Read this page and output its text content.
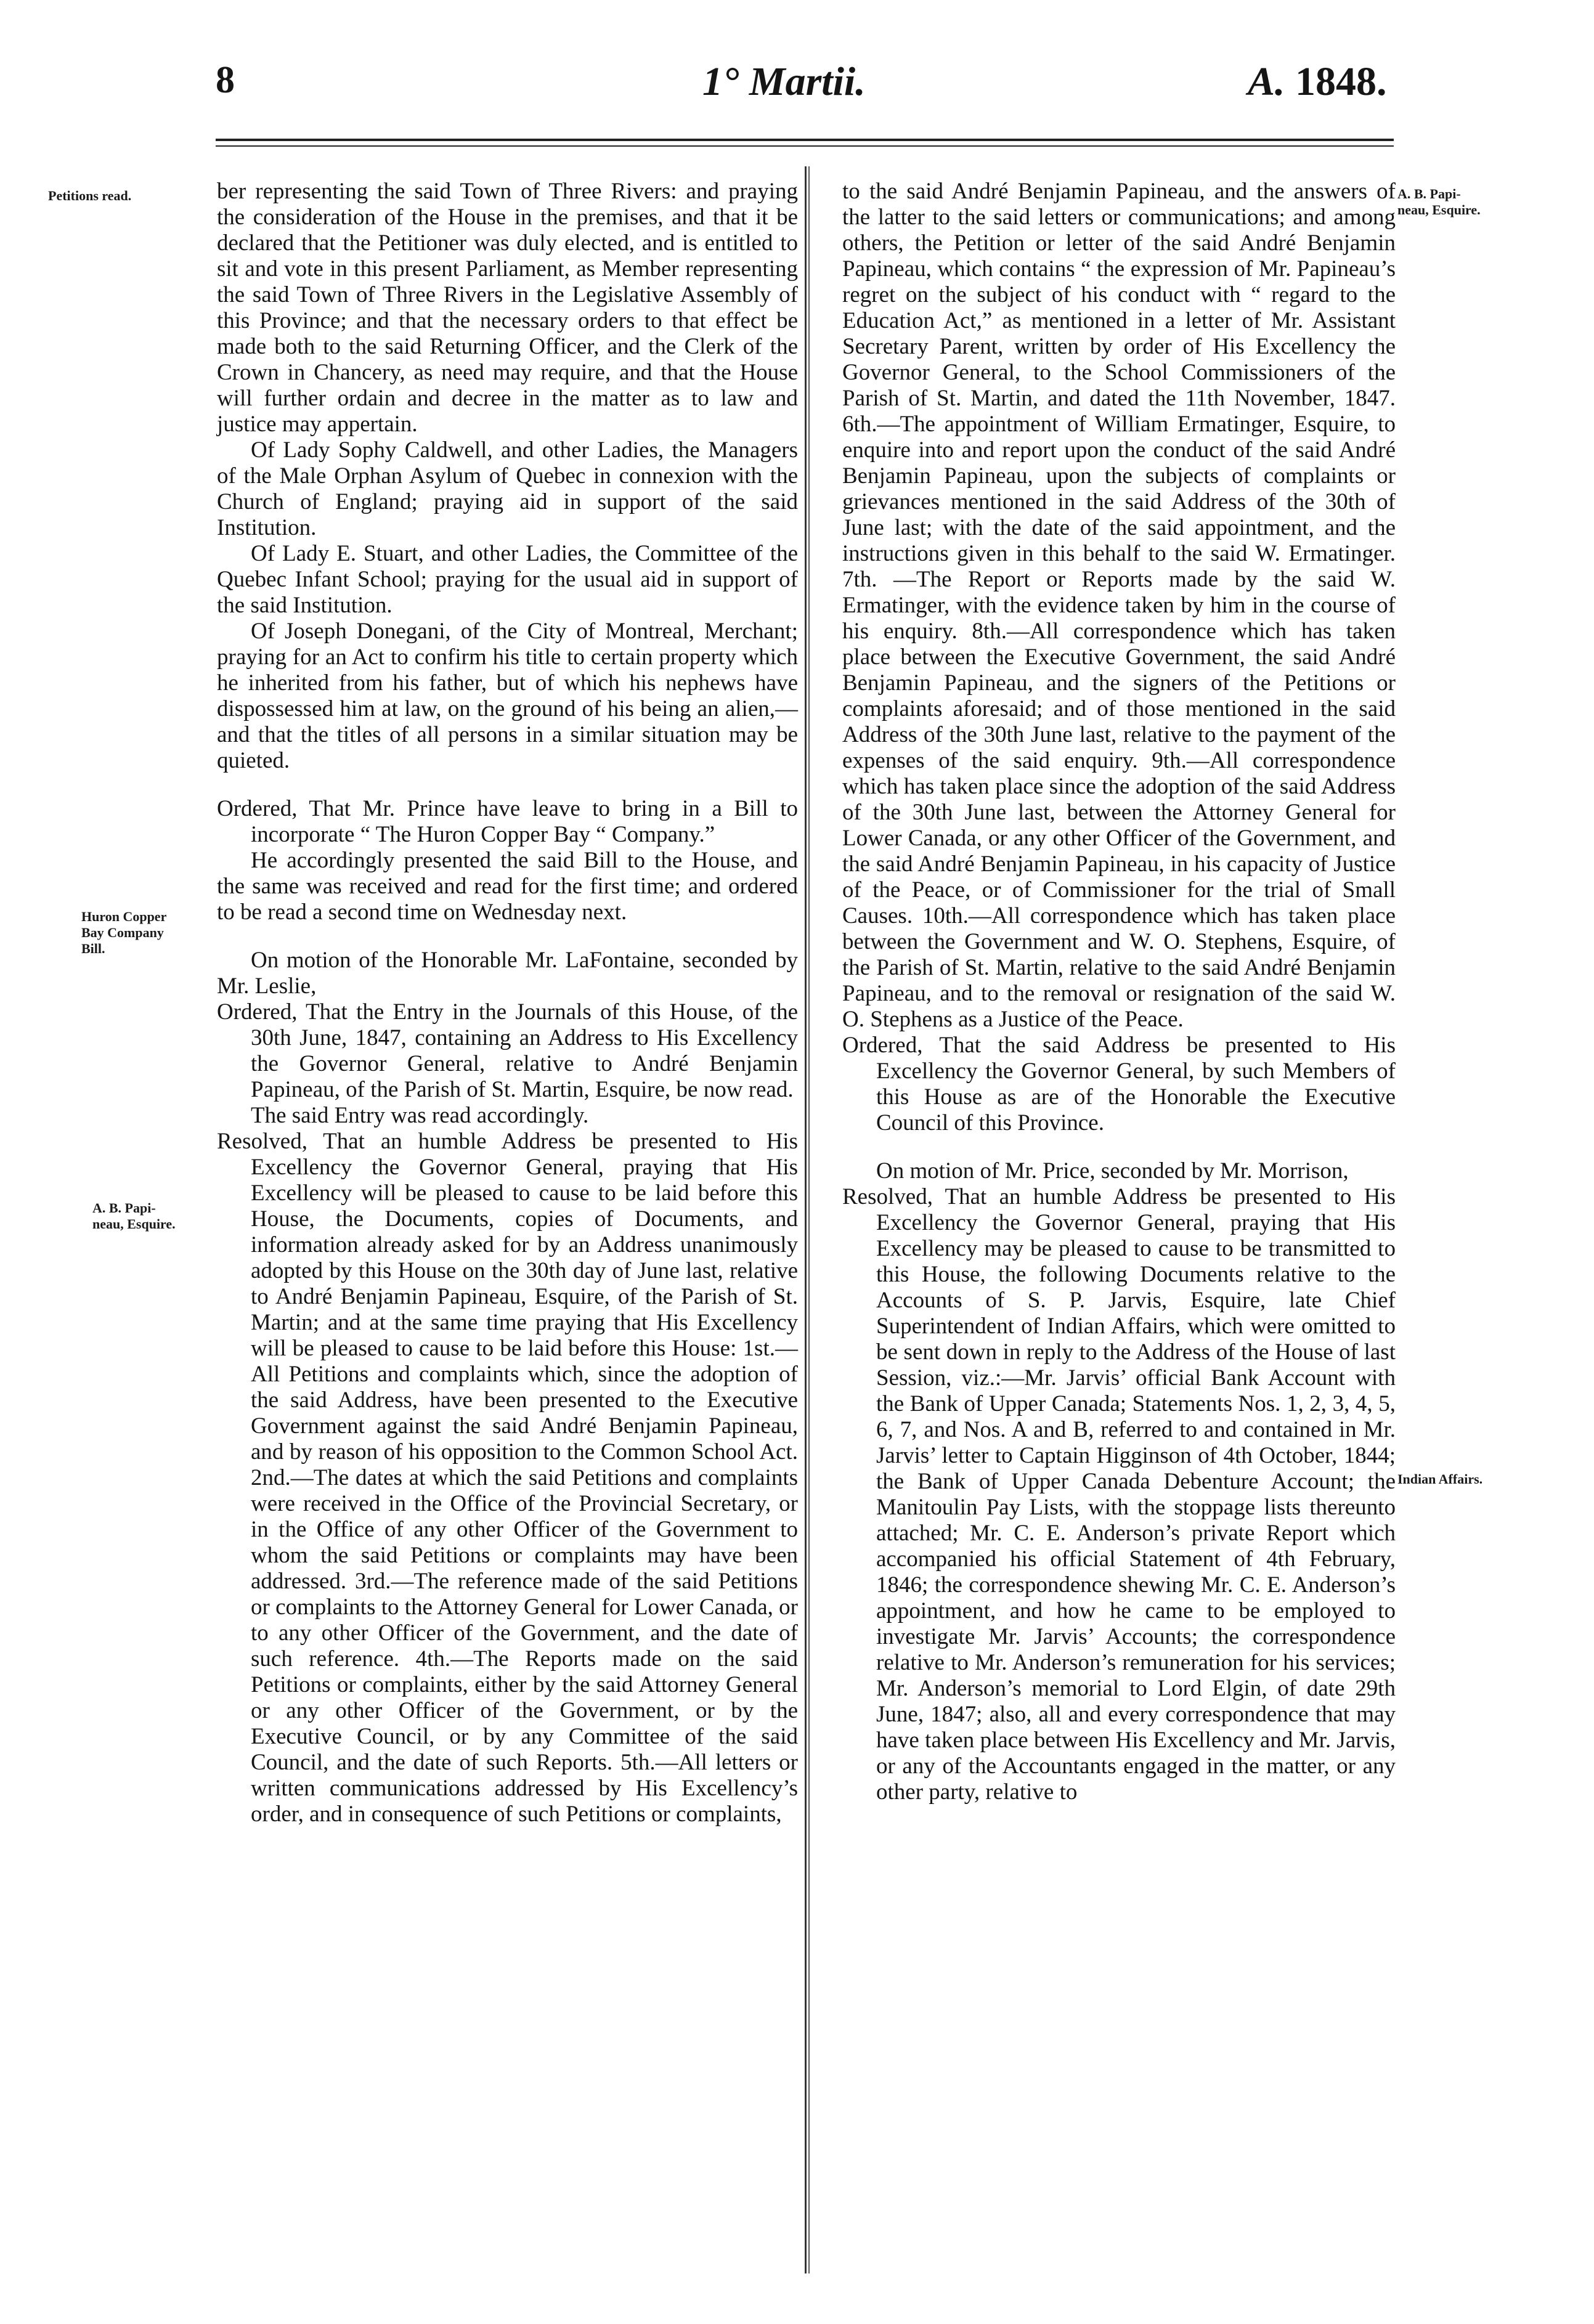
8	1° Martii.	A. 1848.
Petitions read.
Huron Copper
Bay Company
Bill.
A. B. Papi-
neau, Esquire.
A. B. Papi-
neau, Esquire.
Indian Affairs.

ber representing the said Town of Three Rivers: and praying the consideration of the House in the premises, and that it be declared that the Petitioner was duly elected, and is entitled to sit and vote in this present Parliament, as Member representing the said Town of Three Rivers in the Legislative Assembly of this Province; and that the necessary orders to that effect be made both to the said Returning Officer, and the Clerk of the Crown in Chancery, as need may require, and that the House will further ordain and decree in the matter as to law and justice may appertain.

Of Lady Sophy Caldwell, and other Ladies, the Managers of the Male Orphan Asylum of Quebec in connexion with the Church of England; praying aid in support of the said Institution.

Of Lady E. Stuart, and other Ladies, the Committee of the Quebec Infant School; praying for the usual aid in support of the said Institution.

Of Joseph Donegani, of the City of Montreal, Merchant; praying for an Act to confirm his title to certain property which he inherited from his father, but of which his nephews have dispossessed him at law, on the ground of his being an alien,—and that the titles of all persons in a similar situation may be quieted.

Ordered, That Mr. Prince have leave to bring in a Bill to incorporate “ The Huron Copper Bay “ Company.”

He accordingly presented the said Bill to the House, and the same was received and read for the first time; and ordered to be read a second time on Wednesday next.

On motion of the Honorable Mr. LaFontaine, seconded by Mr. Leslie,

Ordered, That the Entry in the Journals of this House, of the 30th June, 1847, containing an Address to His Excellency the Governor General, relative to André Benjamin Papineau, of the Parish of St. Martin, Esquire, be now read.

The said Entry was read accordingly.

Resolved, That an humble Address be presented to His Excellency the Governor General, praying that His Excellency will be pleased to cause to be laid before this House, the Documents, copies of Documents, and information already asked for by an Address unanimously adopted by this House on the 30th day of June last, relative to André Benjamin Papineau, Esquire, of the Parish of St. Martin; and at the same time praying that His Excellency will be pleased to cause to be laid before this House: 1st.—All Petitions and complaints which, since the adoption of the said Address, have been presented to the Executive Government against the said André Benjamin Papineau, and by reason of his opposition to the Common School Act. 2nd.—The dates at which the said Petitions and complaints were received in the Office of the Provincial Secretary, or in the Office of any other Officer of the Government to whom the said Petitions or complaints may have been addressed. 3rd.—The reference made of the said Petitions or complaints to the Attorney General for Lower Canada, or to any other Officer of the Government, and the date of such reference. 4th.—The Reports made on the said Petitions or complaints, either by the said Attorney General or any other Officer of the Government, or by the Executive Council, or by any Committee of the said Council, and the date of such Reports. 5th.—All letters or written communications addressed by His Excellency’s order, and in consequence of such Petitions or complaints,

to the said André Benjamin Papineau, and the answers of the latter to the said letters or communications; and among others, the Petition or letter of the said André Benjamin Papineau, which contains “ the expression of Mr. Papineau’s regret on the subject of his conduct with “ regard to the Education Act,” as mentioned in a letter of Mr. Assistant Secretary Parent, written by order of His Excellency the Governor General, to the School Commissioners of the Parish of St. Martin, and dated the 11th November, 1847. 6th.—The appointment of William Ermatinger, Esquire, to enquire into and report upon the conduct of the said André Benjamin Papineau, upon the subjects of complaints or grievances mentioned in the said Address of the 30th of June last; with the date of the said appointment, and the instructions given in this behalf to the said W. Ermatinger. 7th. —The Report or Reports made by the said W. Ermatinger, with the evidence taken by him in the course of his enquiry. 8th.—All correspondence which has taken place between the Executive Government, the said André Benjamin Papineau, and the signers of the Petitions or complaints aforesaid; and of those mentioned in the said Address of the 30th June last, relative to the payment of the expenses of the said enquiry. 9th.—All correspondence which has taken place since the adoption of the said Address of the 30th June last, between the Attorney General for Lower Canada, or any other Officer of the Government, and the said André Benjamin Papineau, in his capacity of Justice of the Peace, or of Commissioner for the trial of Small Causes. 10th.—All correspondence which has taken place between the Government and W. O. Stephens, Esquire, of the Parish of St. Martin, relative to the said André Benjamin Papineau, and to the removal or resignation of the said W. O. Stephens as a Justice of the Peace.

Ordered, That the said Address be presented to His Excellency the Governor General, by such Members of this House as are of the Honorable the Executive Council of this Province.

On motion of Mr. Price, seconded by Mr. Morrison,

Resolved, That an humble Address be presented to His Excellency the Governor General, praying that His Excellency may be pleased to cause to be transmitted to this House, the following Documents relative to the Accounts of S. P. Jarvis, Esquire, late Chief Superintendent of Indian Affairs, which were omitted to be sent down in reply to the Address of the House of last Session, viz.:—Mr. Jarvis’ official Bank Account with the Bank of Upper Canada; Statements Nos. 1, 2, 3, 4, 5, 6, 7, and Nos. A and B, referred to and contained in Mr. Jarvis’ letter to Captain Higginson of 4th October, 1844; the Bank of Upper Canada Debenture Account; the Manitoulin Pay Lists, with the stoppage lists thereunto attached; Mr. C. E. Anderson’s private Report which accompanied his official Statement of 4th February, 1846; the correspondence shewing Mr. C. E. Anderson’s appointment, and how he came to be employed to investigate Mr. Jarvis’ Accounts; the correspondence relative to Mr. Anderson’s remuneration for his services; Mr. Anderson’s memorial to Lord Elgin, of date 29th June, 1847; also, all and every correspondence that may have taken place between His Excellency and Mr. Jarvis, or any of the Accountants engaged in the matter, or any other party, relative to
